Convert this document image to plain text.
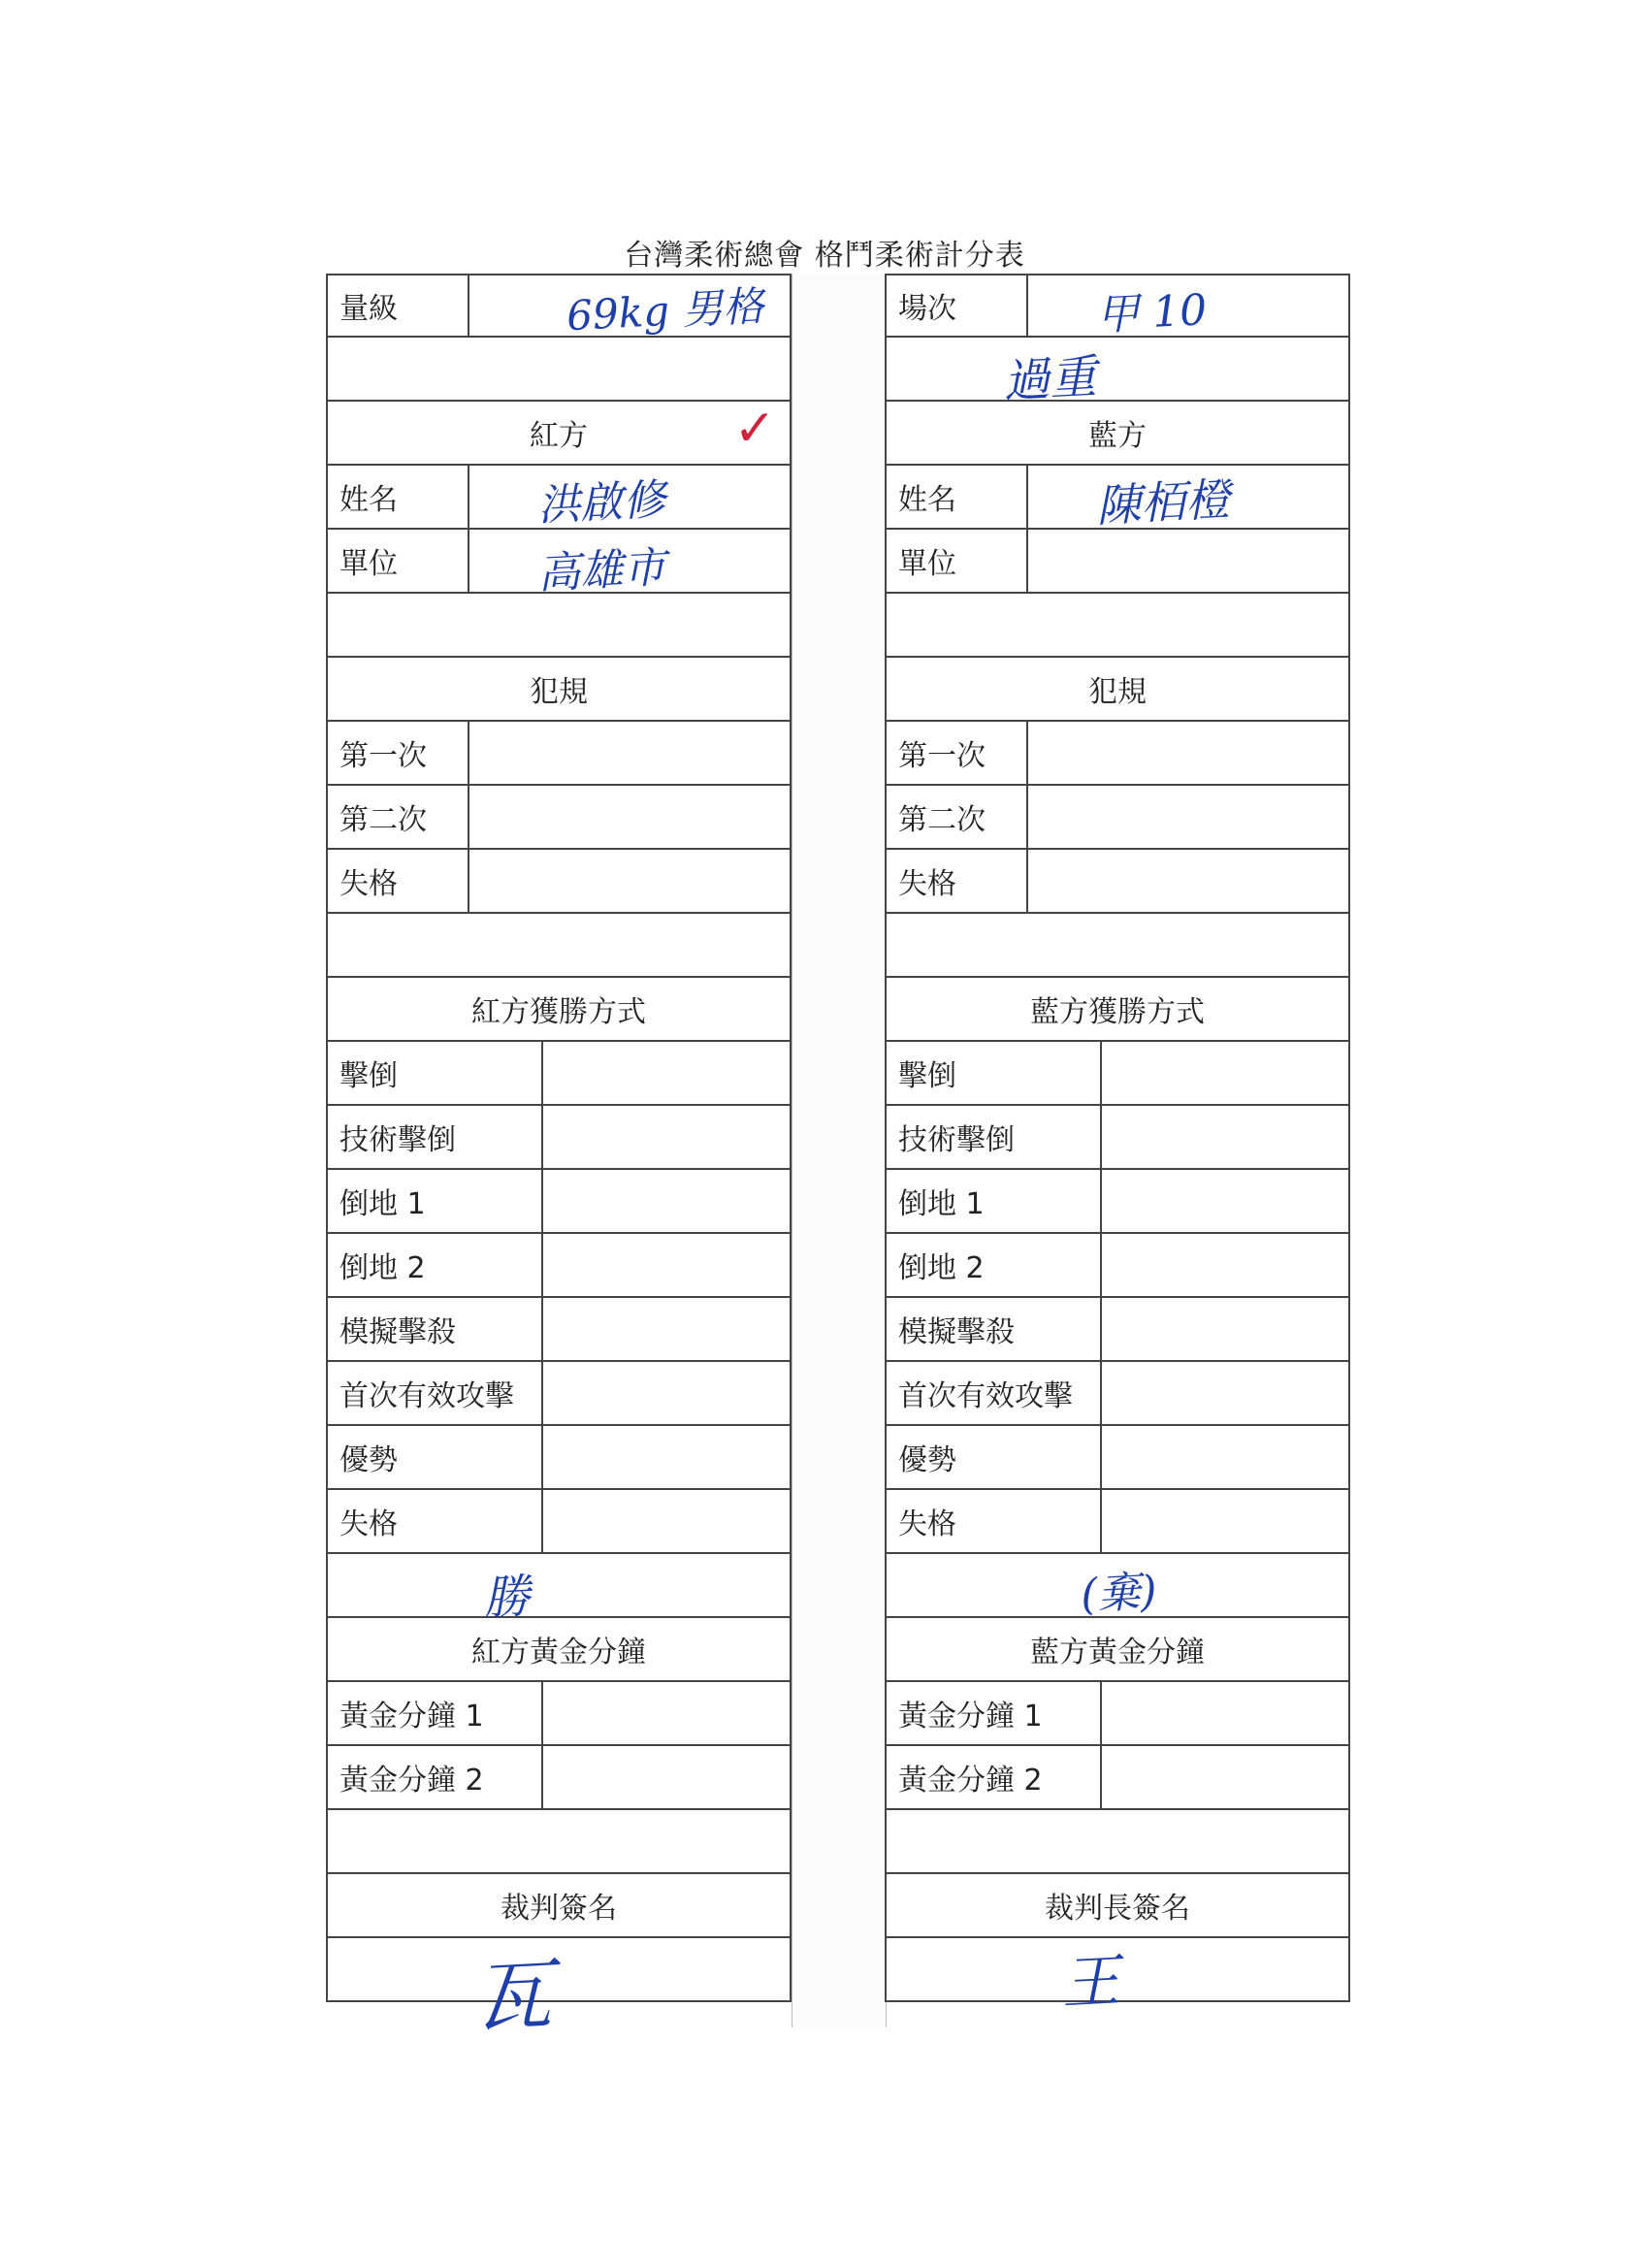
台灣柔術總會 格鬥柔術計分表
量級	69kg 男格
紅方	✓
姓名	洪啟修
單位	高雄市
犯規
第一次
第二次
失格
紅方獲勝方式
擊倒
技術擊倒
倒地 1
倒地 2
模擬擊殺
首次有效攻擊
優勢
失格
勝
紅方黃金分鐘
黃金分鐘 1
黃金分鐘 2
裁判簽名
瓦
場次	甲 10
過重
藍方
姓名	陳栢橙
單位
犯規
第一次
第二次
失格
藍方獲勝方式
擊倒
技術擊倒
倒地 1
倒地 2
模擬擊殺
首次有效攻擊
優勢
失格
(棄)
藍方黃金分鐘
黃金分鐘 1
黃金分鐘 2
裁判長簽名
王
